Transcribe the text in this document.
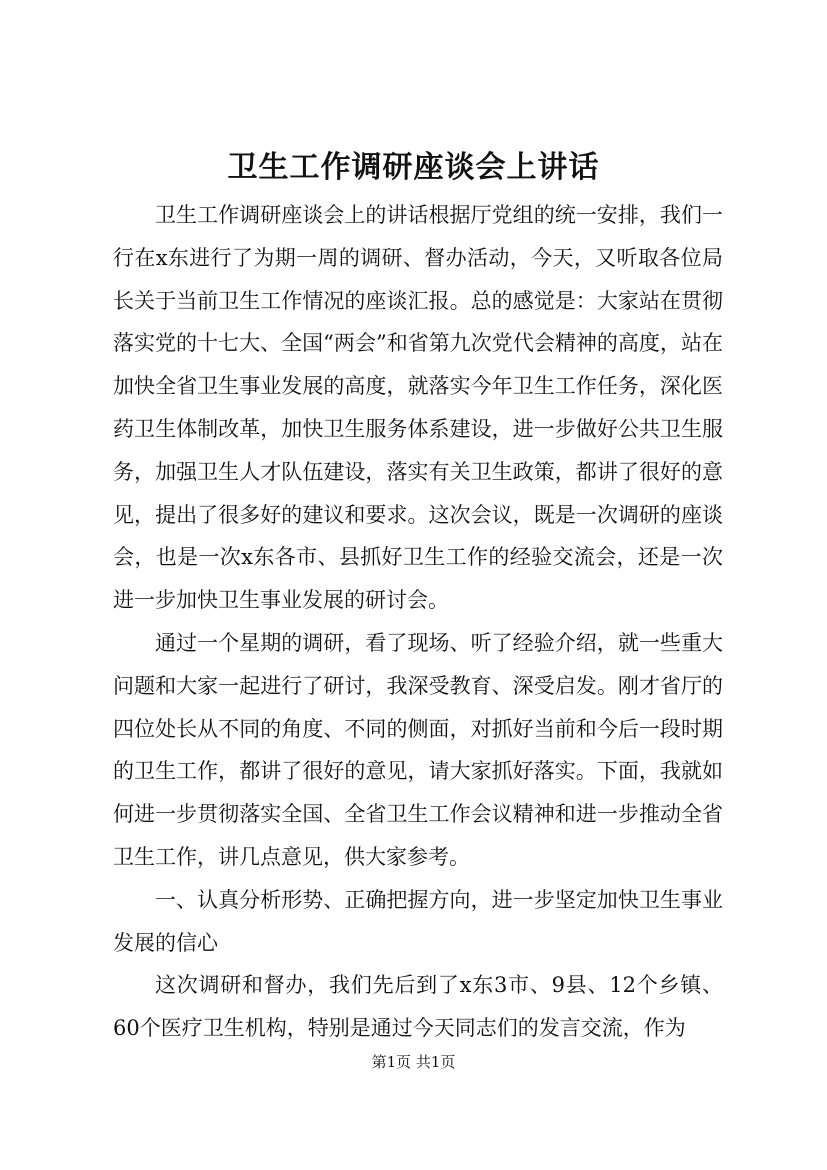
卫生工作调研座谈会上讲话

卫生工作调研座谈会上的讲话根据厅党组的统一安排，我们一行在x东进行了为期一周的调研、督办活动，今天，又听取各位局长关于当前卫生工作情况的座谈汇报。总的感觉是：大家站在贯彻落实党的十七大、全国“两会”和省第九次党代会精神的高度，站在加快全省卫生事业发展的高度，就落实今年卫生工作任务，深化医药卫生体制改革，加快卫生服务体系建设，进一步做好公共卫生服务，加强卫生人才队伍建设，落实有关卫生政策，都讲了很好的意见，提出了很多好的建议和要求。这次会议，既是一次调研的座谈会，也是一次x东各市、县抓好卫生工作的经验交流会，还是一次进一步加快卫生事业发展的研讨会。

通过一个星期的调研，看了现场、听了经验介绍，就一些重大问题和大家一起进行了研讨，我深受教育、深受启发。刚才省厅的四位处长从不同的角度、不同的侧面，对抓好当前和今后一段时期的卫生工作，都讲了很好的意见，请大家抓好落实。下面，我就如何进一步贯彻落实全国、全省卫生工作会议精神和进一步推动全省卫生工作，讲几点意见，供大家参考。

一、认真分析形势、正确把握方向，进一步坚定加快卫生事业发展的信心

这次调研和督办，我们先后到了x东3市、9县、12个乡镇、60个医疗卫生机构，特别是通过今天同志们的发言交流，作为

第1页 共1页
